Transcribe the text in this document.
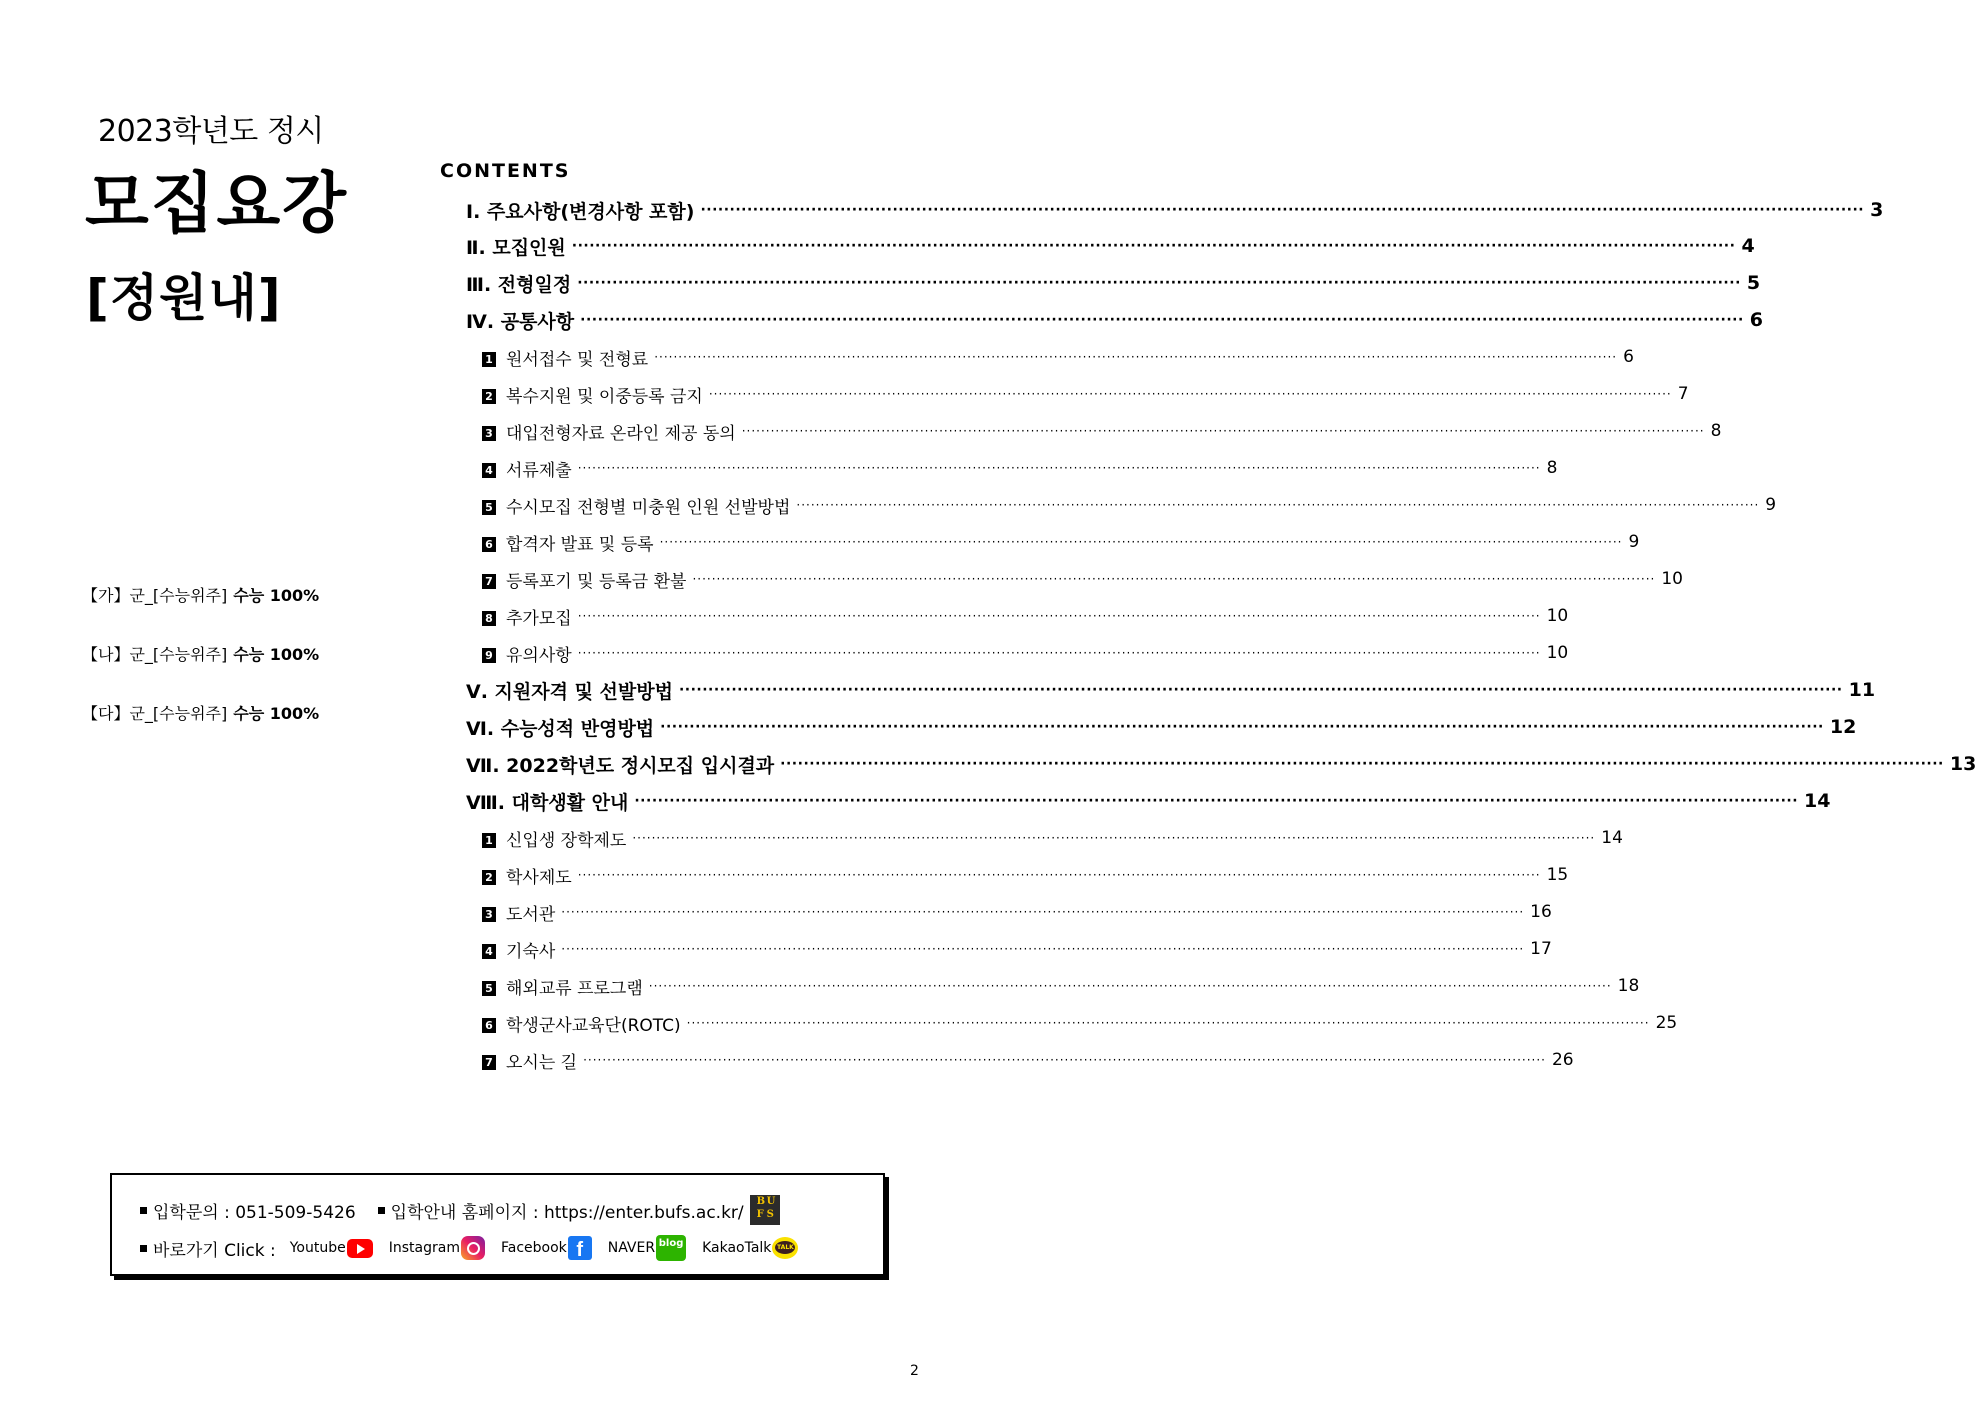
2023학년도 정시
모집요강
[정원내]
【가】군_[수능위주] 수능 100%
【나】군_[수능위주] 수능 100%
【다】군_[수능위주] 수능 100%
CONTENTS
Ⅰ. 주요사항(변경사항 포함) ········································································································································································································ 3
Ⅱ. 모집인원 ········································································································································································································ 4
Ⅲ. 전형일정 ········································································································································································································ 5
Ⅳ. 공통사항 ········································································································································································································ 6
1 원서접수 및 전형료 ········································································································································································································ 6
2 복수지원 및 이중등록 금지 ········································································································································································································ 7
3 대입전형자료 온라인 제공 동의 ········································································································································································································ 8
4 서류제출 ········································································································································································································ 8
5 수시모집 전형별 미충원 인원 선발방법 ········································································································································································································ 9
6 합격자 발표 및 등록 ········································································································································································································ 9
7 등록포기 및 등록금 환불 ········································································································································································································ 10
8 추가모집 ········································································································································································································ 10
9 유의사항 ········································································································································································································ 10
Ⅴ. 지원자격 및 선발방법 ········································································································································································································ 11
Ⅵ. 수능성적 반영방법 ········································································································································································································ 12
Ⅶ. 2022학년도 정시모집 입시결과 ········································································································································································································ 13
Ⅷ. 대학생활 안내 ········································································································································································································ 14
1 신입생 장학제도 ········································································································································································································ 14
2 학사제도 ········································································································································································································ 15
3 도서관 ········································································································································································································ 16
4 기숙사 ········································································································································································································ 17
5 해외교류 프로그램 ········································································································································································································ 18
6 학생군사교육단(ROTC) ········································································································································································································ 25
7 오시는 길 ········································································································································································································ 26
입학문의 : 051-509-5426 입학안내 홈페이지 : https://enter.bufs.ac.kr/
B U
F S
바로가기 Click : Youtube	Instagram	Facebook f	NAVER blog KakaoTalk TALK
2
